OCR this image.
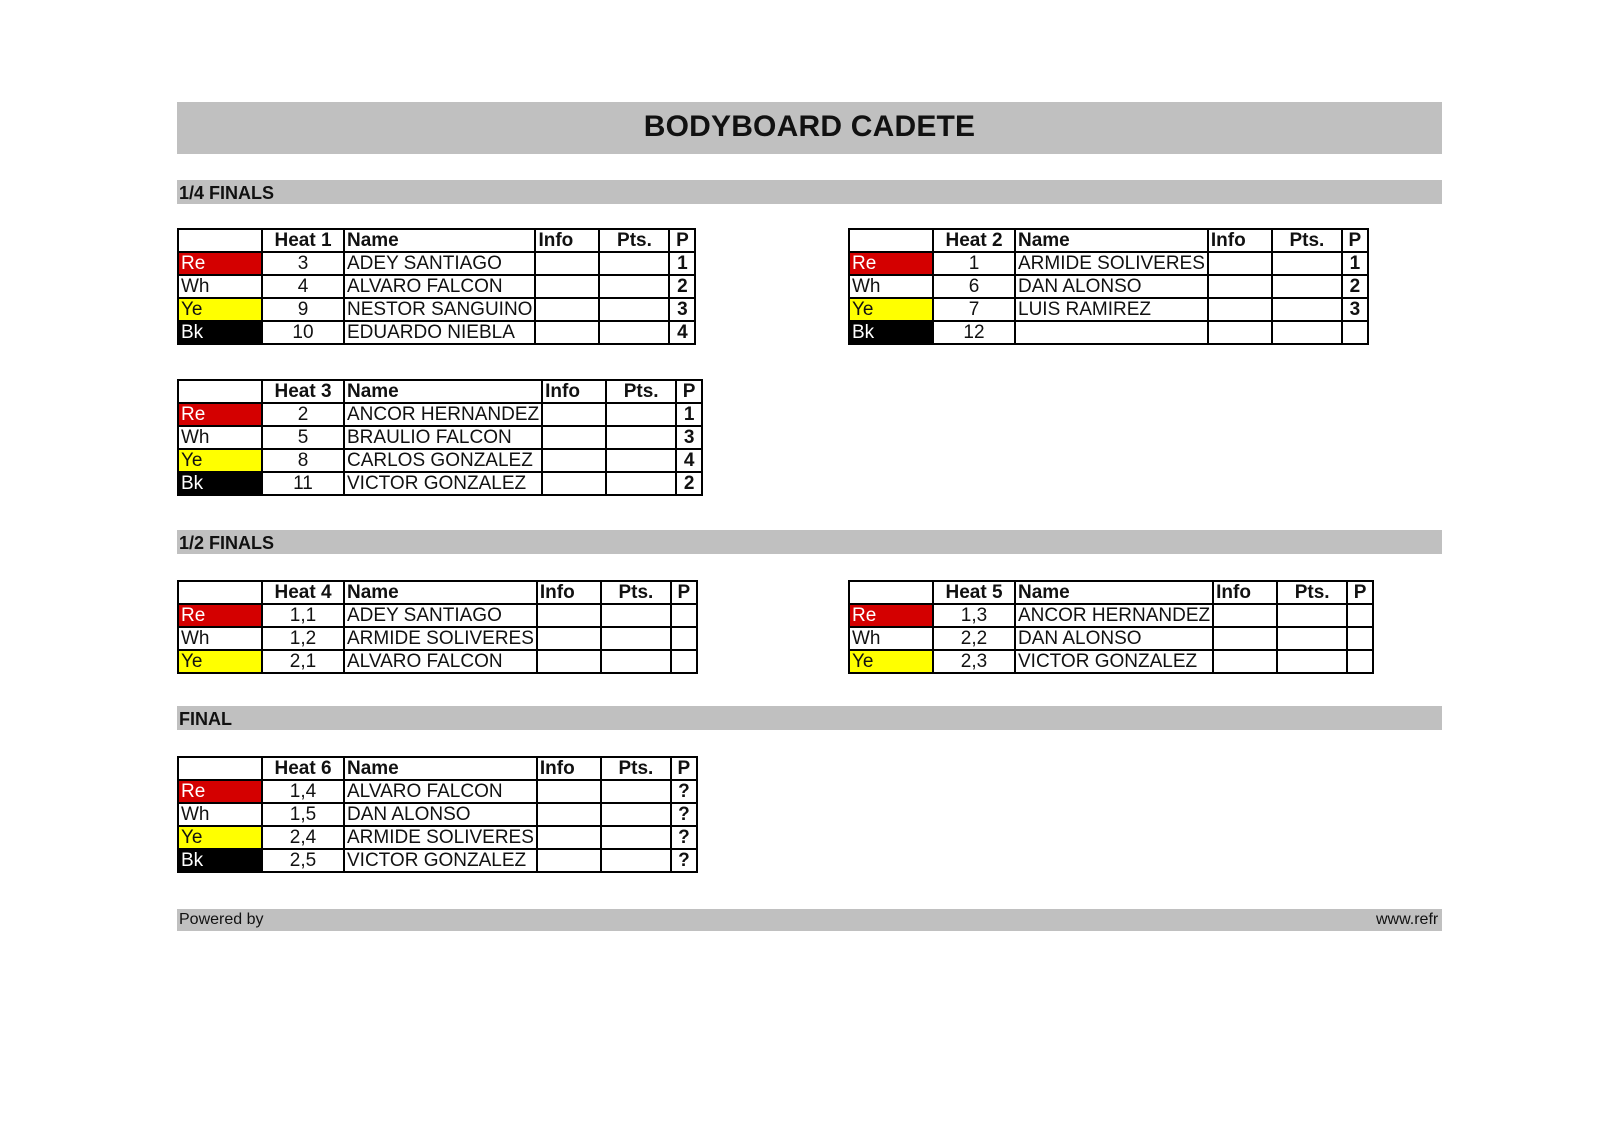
BODYBOARD CADETE
1/4 FINALS
1/2 FINALS
FINAL
	Heat 1	Name	Info	Pts.	P
Re	3	ADEY SANTIAGO			1
Wh	4	ALVARO FALCON			2
Ye	9	NESTOR SANGUINO			3
Bk	10	EDUARDO NIEBLA			4
	Heat 2	Name	Info	Pts.	P
Re	1	ARMIDE SOLIVERES			1
Wh	6	DAN ALONSO			2
Ye	7	LUIS RAMIREZ			3
Bk	12				
	Heat 3	Name	Info	Pts.	P
Re	2	ANCOR HERNANDEZ			1
Wh	5	BRAULIO FALCON			3
Ye	8	CARLOS GONZALEZ			4
Bk	11	VICTOR GONZALEZ			2
	Heat 4	Name	Info	Pts.	P
Re	1,1	ADEY SANTIAGO			
Wh	1,2	ARMIDE SOLIVERES			
Ye	2,1	ALVARO FALCON			
	Heat 5	Name	Info	Pts.	P
Re	1,3	ANCOR HERNANDEZ			
Wh	2,2	DAN ALONSO			
Ye	2,3	VICTOR GONZALEZ			
	Heat 6	Name	Info	Pts.	P
Re	1,4	ALVARO FALCON			?
Wh	1,5	DAN ALONSO			?
Ye	2,4	ARMIDE SOLIVERES			?
Bk	2,5	VICTOR GONZALEZ			?
Powered by	www.refr
